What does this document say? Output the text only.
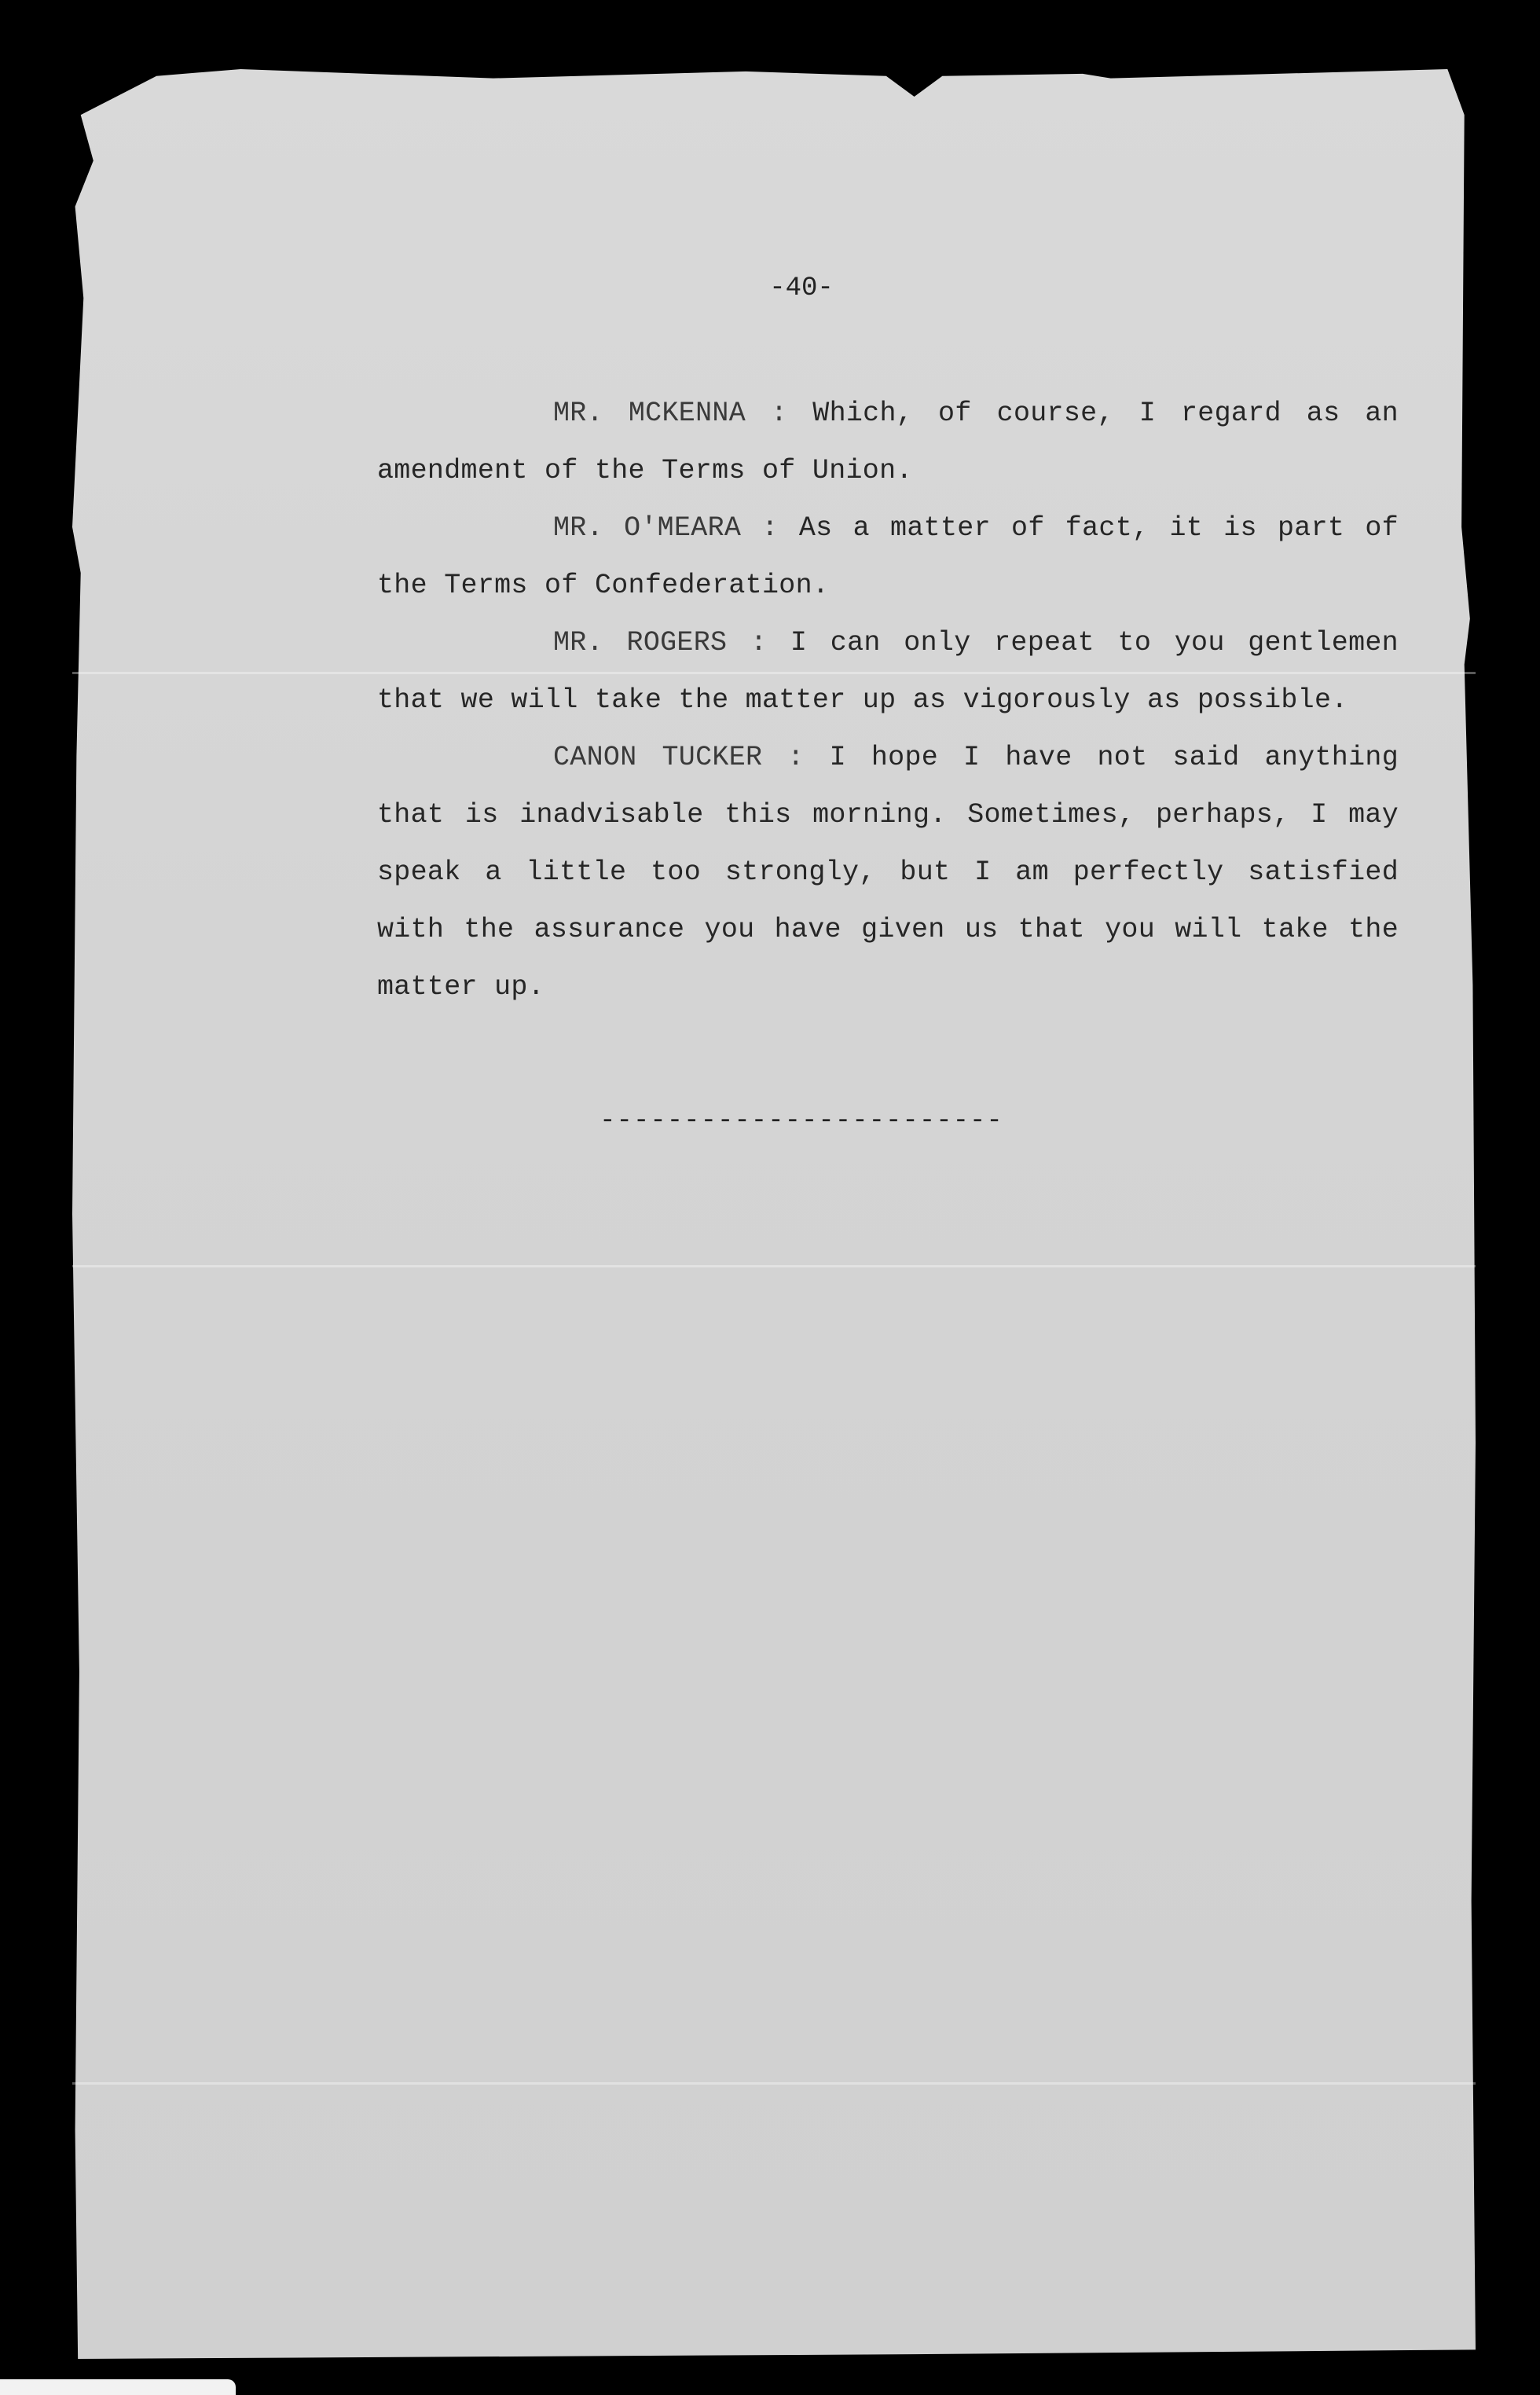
-40-

MR. MCKENNA : Which, of course, I regard as an amendment of the Terms of Union.

MR. O'MEARA : As a matter of fact, it is part of the Terms of Confederation.

MR. ROGERS : I can only repeat to you gentlemen that we will take the matter up as vigorously as possible.

CANON TUCKER : I hope I have not said anything that is inadvisable this morning. Sometimes, perhaps, I may speak a little too strongly, but I am perfectly satisfied with the assurance you have given us that you will take the matter up.

------------------------
